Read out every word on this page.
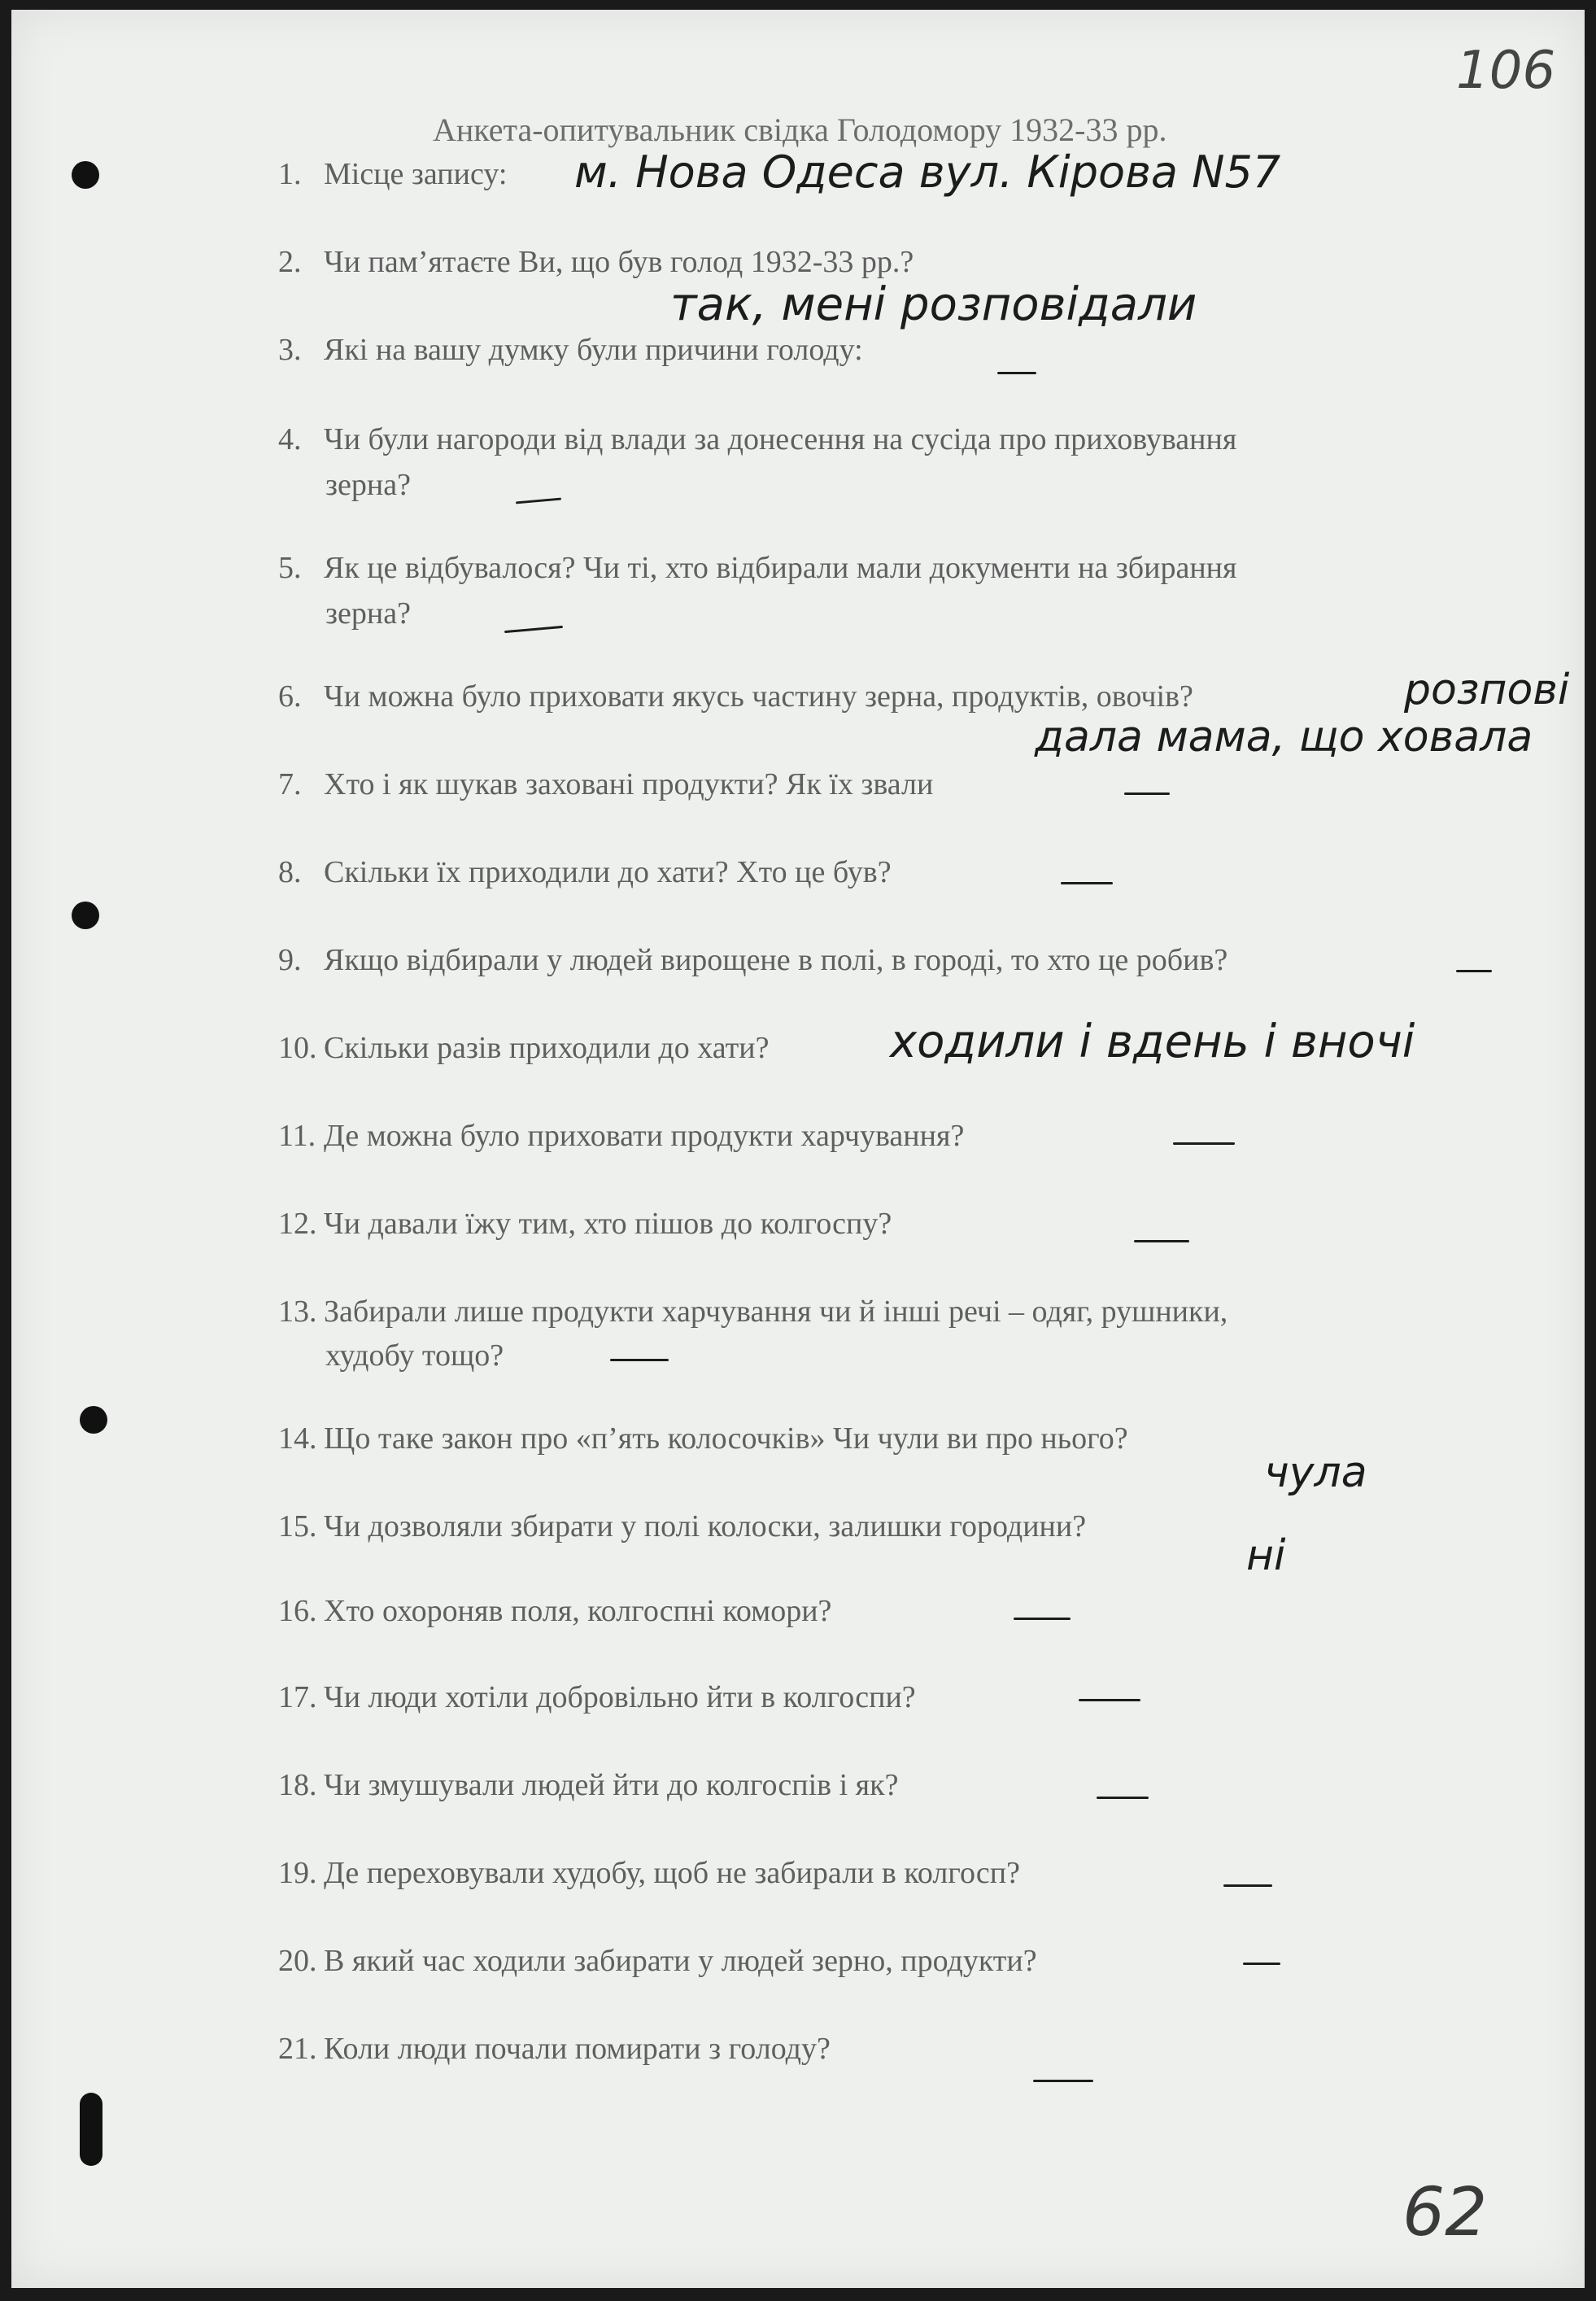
106
Анкета-опитувальник свідка Голодомору 1932-33 рр.
1. Місце запису:
2. Чи пам’ятаєте Ви, що був голод 1932-33 рр.?
3. Які на вашу думку були причини голоду:
4. Чи були нагороди від влади за донесення на сусіда про приховування
зерна?
5. Як це відбувалося? Чи ті, хто відбирали мали документи на збирання
зерна?
6. Чи можна було приховати якусь частину зерна, продуктів, овочів?
7. Хто і як шукав заховані продукти? Як їх звали
8. Скільки їх приходили до хати? Хто це був?
9. Якщо відбирали у людей вирощене в полі, в городі, то хто це робив?
10. Скільки разів приходили до хати?
11. Де можна було приховати продукти харчування?
12. Чи давали їжу тим, хто пішов до колгоспу?
13. Забирали лише продукти харчування чи й інші речі – одяг, рушники,
худобу тощо?
14. Що таке закон про «п’ять колосочків» Чи чули ви про нього?
15. Чи дозволяли збирати у полі колоски, залишки городини?
16. Хто охороняв поля, колгоспні комори?
17. Чи люди хотіли добровільно йти в колгоспи?
18. Чи змушували людей йти до колгоспів і як?
19. Де переховували худобу, щоб не забирали в колгосп?
20. В який час ходили забирати у людей зерно, продукти?
21. Коли люди почали помирати з голоду?
м. Нова Одеса вул. Кірова N57
так, мені розповідали
розпові
дала мама, що ховала
ходили і вдень і вночі
чула
ні
62
